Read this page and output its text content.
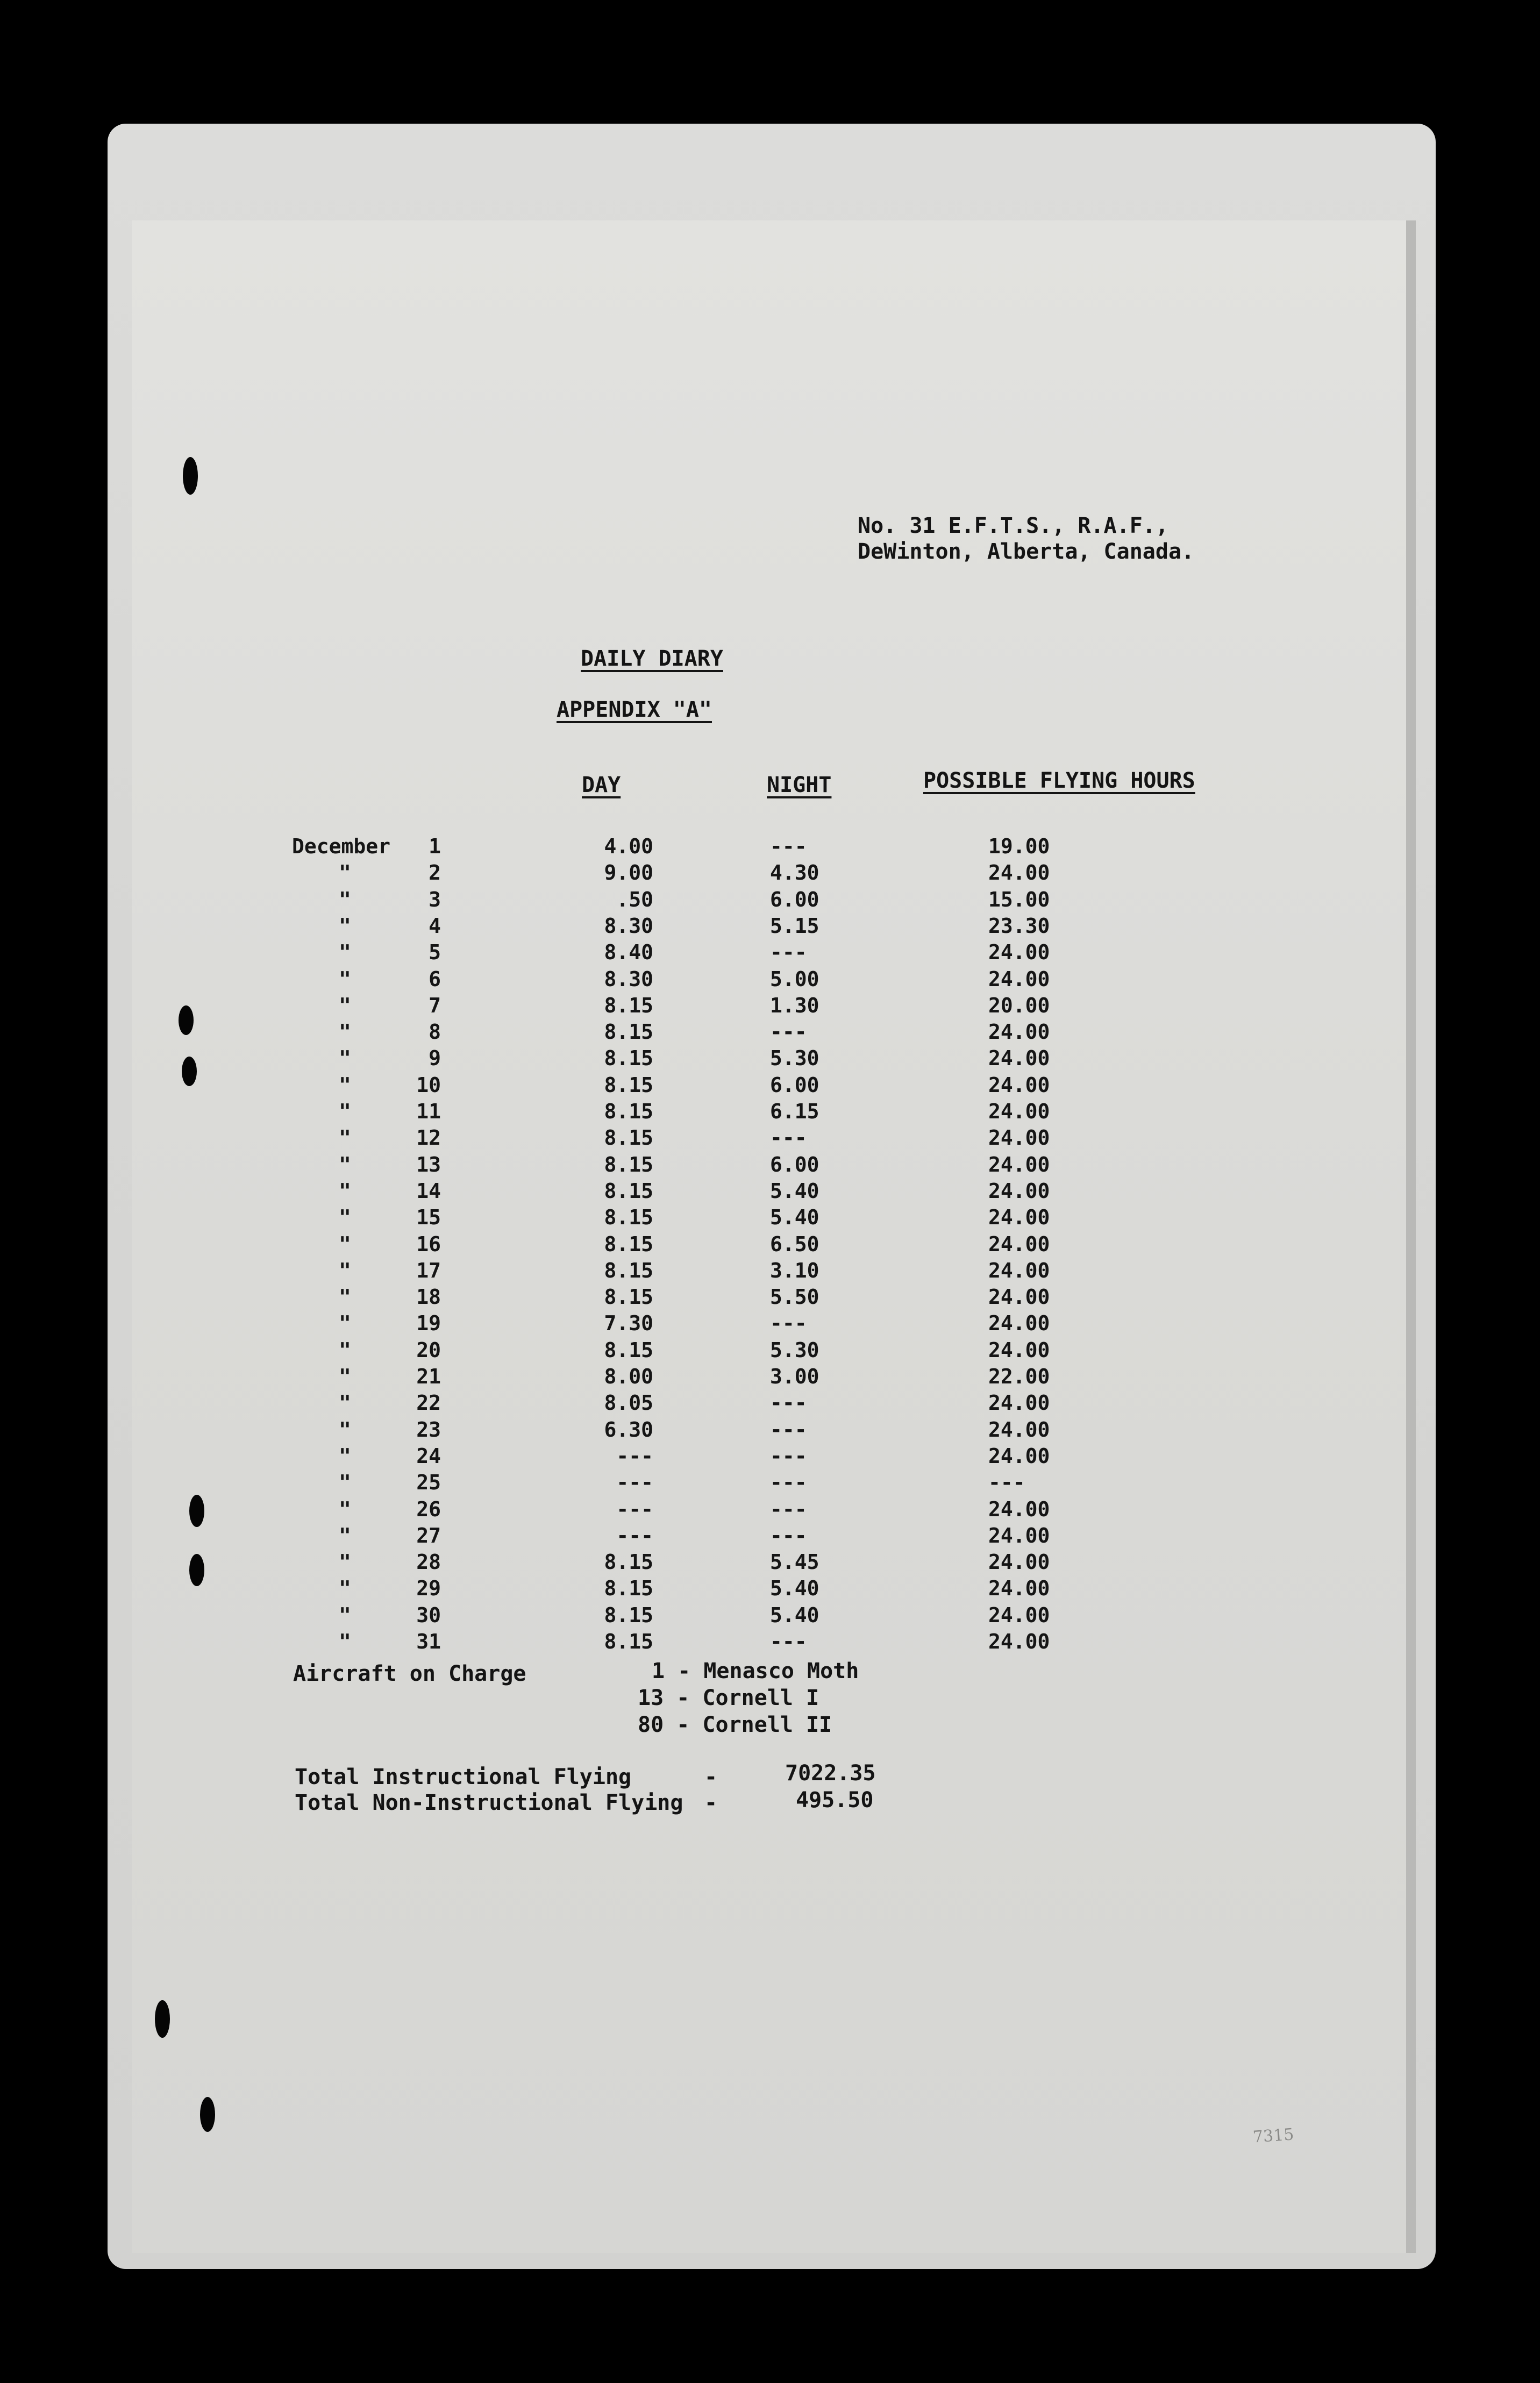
No. 31 E.F.T.S., R.A.F.,
DeWinton, Alberta, Canada.
DAILY DIARY
APPENDIX "A"
DAY	NIGHT	POSSIBLE FLYING HOURS
December	1	4.00	---	19.00
"	2	9.00	4.30	24.00
"	3	.50	6.00	15.00
"	4	8.30	5.15	23.30
"	5	8.40	---	24.00
"	6	8.30	5.00	24.00
"	7	8.15	1.30	20.00
"	8	8.15	---	24.00
"	9	8.15	5.30	24.00
"	10	8.15	6.00	24.00
"	11	8.15	6.15	24.00
"	12	8.15	---	24.00
"	13	8.15	6.00	24.00
"	14	8.15	5.40	24.00
"	15	8.15	5.40	24.00
"	16	8.15	6.50	24.00
"	17	8.15	3.10	24.00
"	18	8.15	5.50	24.00
"	19	7.30	---	24.00
"	20	8.15	5.30	24.00
"	21	8.00	3.00	22.00
"	22	8.05	---	24.00
"	23	6.30	---	24.00
"	24	---	---	24.00
"	25	---	---	---
"	26	---	---	24.00
"	27	---	---	24.00
"	28	8.15	5.45	24.00
"	29	8.15	5.40	24.00
"	30	8.15	5.40	24.00
"	31	8.15	---	24.00
Aircraft on Charge	1 - Menasco Moth
13 - Cornell I
80 - Cornell II
Total Instructional Flying	-	7022.35
Total Non-Instructional Flying -	495.50
7315
